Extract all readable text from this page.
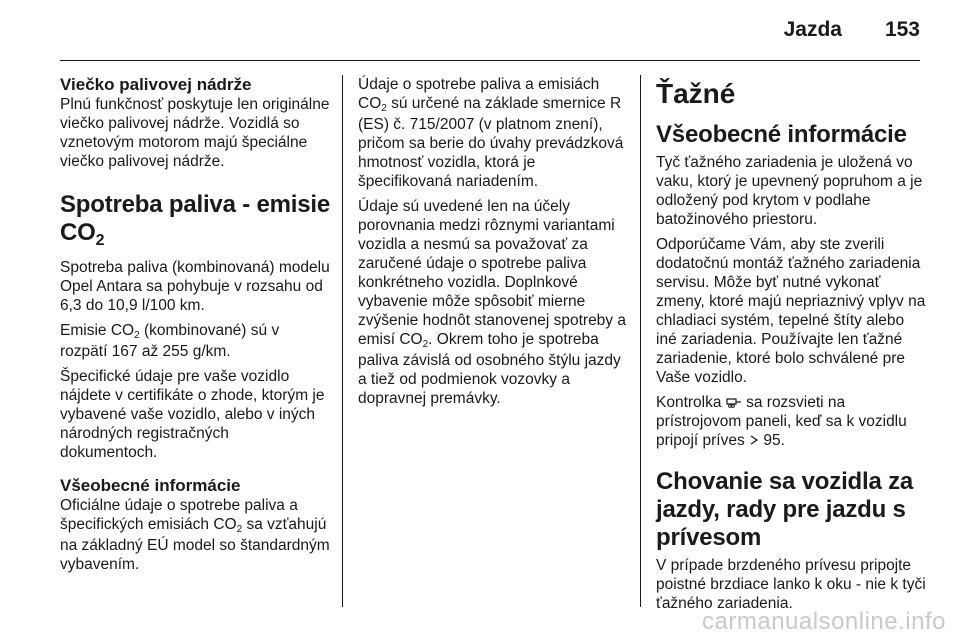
Jazda 153
Viečko palivovej nádrže

Plnú funkčnosť poskytuje len originálne viečko palivovej nádrže. Vozidlá so vznetovým motorom majú špeciálne viečko palivovej nádrže.

Spotreba paliva - emisie
$CO_2$

Spotreba paliva (kombinovaná) modelu Opel Antara sa pohybuje v rozsahu od 6,3 do 10,9 l/100 km.

Emisie CO2 (kombinované) sú v rozpätí 167 až 255 g/km.

Špecifické údaje pre vaše vozidlo nájdete v certifikáte o zhode, ktorým je vybavené vaše vozidlo, alebo v iných národných registračných dokumentoch.

Všeobecné informácie

Oficiálne údaje o spotrebe paliva a špecifických emisiách CO2 sa vzťahujú na základný EÚ model so štandardným vybavením.

Údaje o spotrebe paliva a emisiách CO2 sú určené na základe smernice R (ES) č. 715/2007 (v platnom znení), pričom sa berie do úvahy prevádzková hmotnosť vozidla, ktorá je špecifikovaná nariadením.

Údaje sú uvedené len na účely porovnania medzi rôznymi variantami vozidla a nesmú sa považovať za zaručené údaje o spotrebe paliva konkrétneho vozidla. Doplnkové vybavenie môže spôsobiť mierne zvýšenie hodnôt stanovenej spotreby a emisí CO2. Okrem toho je spotreba paliva závislá od osobného štýlu jazdy a tiež od podmienok vozovky a dopravnej premávky.

Ťažné
Všeobecné informácie

Tyč ťažného zariadenia je uložená vo vaku, ktorý je upevnený popruhom a je odložený pod krytom v podlahe batožinového priestoru.

Odporúčame Vám, aby ste zverili dodatočnú montáž ťažného zariadenia servisu. Môže byť nutné vykonať zmeny, ktoré majú nepriaznivý vplyv na chladiaci systém, tepelné štíty alebo iné zariadenia. Používajte len ťažné zariadenie, ktoré bolo schválené pre Vaše vozidlo.

Kontrolka  sa rozsvieti na prístrojovom paneli, keď sa k vozidlu pripojí príves  95.

Chovanie sa vozidla za jazdy, rady pre jazdu s prívesom

V prípade brzdeného prívesu pripojte poistné brzdiace lanko k oku - nie k tyči ťažného zariadenia.

carmanualsonline.info
